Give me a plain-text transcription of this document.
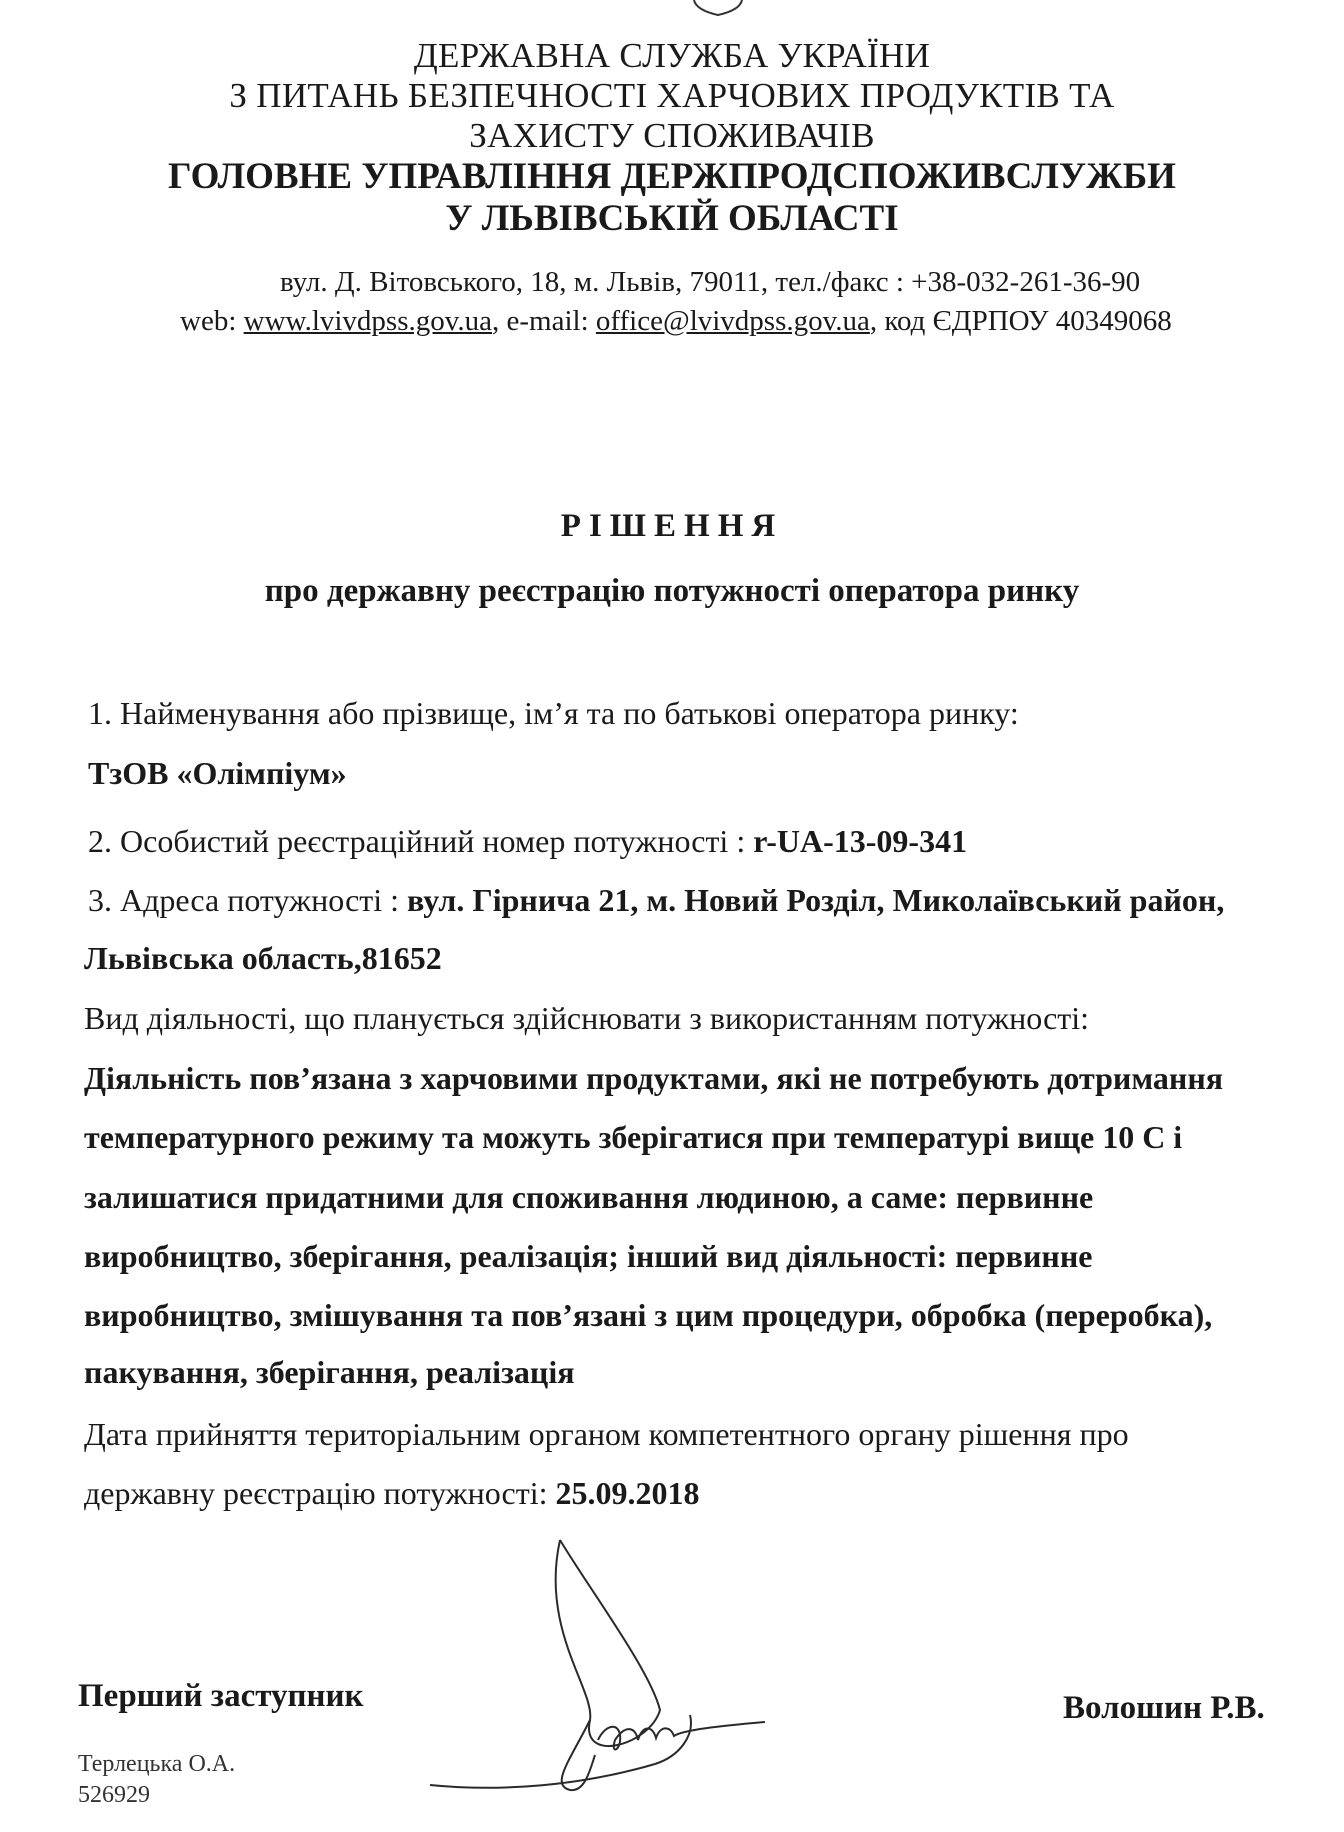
ДЕРЖАВНА СЛУЖБА УКРАЇНИ
З ПИТАНЬ БЕЗПЕЧНОСТІ ХАРЧОВИХ ПРОДУКТІВ ТА
ЗАХИСТУ СПОЖИВАЧІВ
ГОЛОВНЕ УПРАВЛІННЯ ДЕРЖПРОДСПОЖИВСЛУЖБИ
У ЛЬВІВСЬКІЙ ОБЛАСТІ
вул. Д. Вітовського, 18, м. Львів, 79011, тел./факс : +38-032-261-36-90
web: www.lvivdpss.gov.ua, e-mail: office@lvivdpss.gov.ua, код ЄДРПОУ 40349068
РІШЕННЯ
про державну реєстрацію потужності оператора ринку
1. Найменування або прізвище, ім’я та по батькові оператора ринку:
ТзОВ «Олімпіум»
2. Особистий реєстраційний номер потужності : r-UA-13-09-341
3. Адреса потужності : вул. Гірнича 21, м. Новий Розділ, Миколаївський район,
Львівська область,81652
Вид діяльності, що планується здійснювати з використанням потужності:
Діяльність пов’язана з харчовими продуктами, які не потребують дотримання
температурного режиму та можуть зберігатися при температурі вище 10 С і
залишатися придатними для споживання людиною, а саме: первинне
виробництво, зберігання, реалізація; інший вид діяльності: первинне
виробництво, змішування та пов’язані з цим процедури, обробка (переробка),
пакування, зберігання, реалізація
Дата прийняття територіальним органом компетентного органу рішення про
державну реєстрацію потужності: 25.09.2018
Перший заступник	Волошин Р.В.
Терлецька О.А.
526929
